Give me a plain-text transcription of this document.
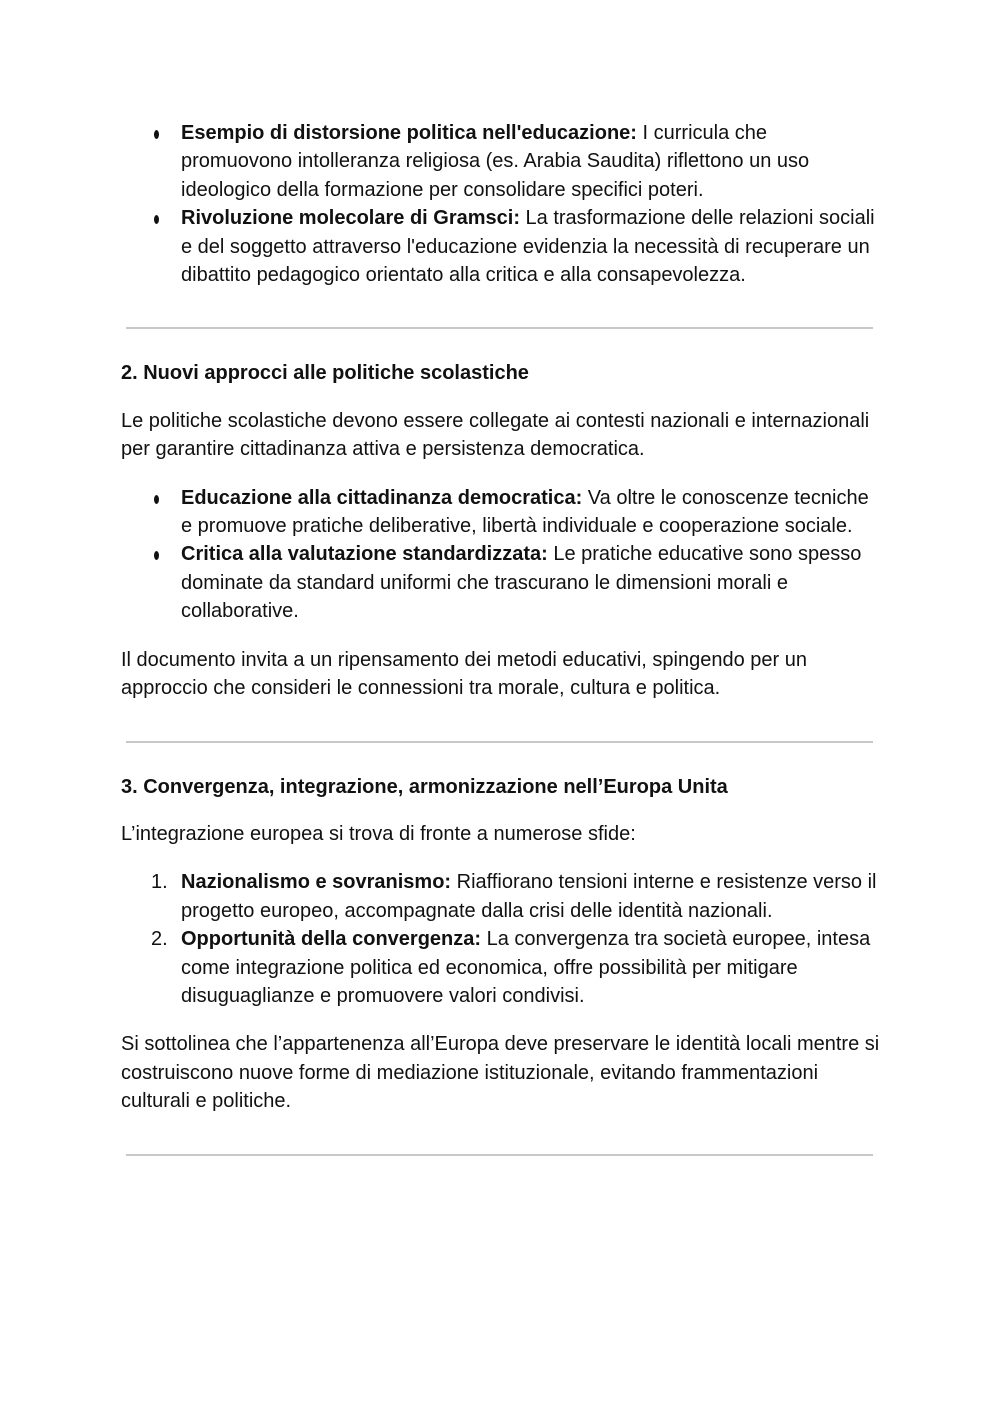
Esempio di distorsione politica nell'educazione: I curricula che promuovono intolleranza religiosa (es. Arabia Saudita) riflettono un uso ideologico della formazione per consolidare specifici poteri.
Rivoluzione molecolare di Gramsci: La trasformazione delle relazioni sociali e del soggetto attraverso l'educazione evidenzia la necessità di recuperare un dibattito pedagogico orientato alla critica e alla consapevolezza.
2. Nuovi approcci alle politiche scolastiche

Le politiche scolastiche devono essere collegate ai contesti nazionali e internazionali per garantire cittadinanza attiva e persistenza democratica.

Educazione alla cittadinanza democratica: Va oltre le conoscenze tecniche e promuove pratiche deliberative, libertà individuale e cooperazione sociale.
Critica alla valutazione standardizzata: Le pratiche educative sono spesso dominate da standard uniformi che trascurano le dimensioni morali e collaborative.

Il documento invita a un ripensamento dei metodi educativi, spingendo per un approccio che consideri le connessioni tra morale, cultura e politica.

3. Convergenza, integrazione, armonizzazione nell’Europa Unita

L’integrazione europea si trova di fronte a numerose sfide:

1. Nazionalismo e sovranismo: Riaffiorano tensioni interne e resistenze verso il progetto europeo, accompagnate dalla crisi delle identità nazionali.
2. Opportunità della convergenza: La convergenza tra società europee, intesa come integrazione politica ed economica, offre possibilità per mitigare disuguaglianze e promuovere valori condivisi.

Si sottolinea che l’appartenenza all’Europa deve preservare le identità locali mentre si costruiscono nuove forme di mediazione istituzionale, evitando frammentazioni culturali e politiche.
